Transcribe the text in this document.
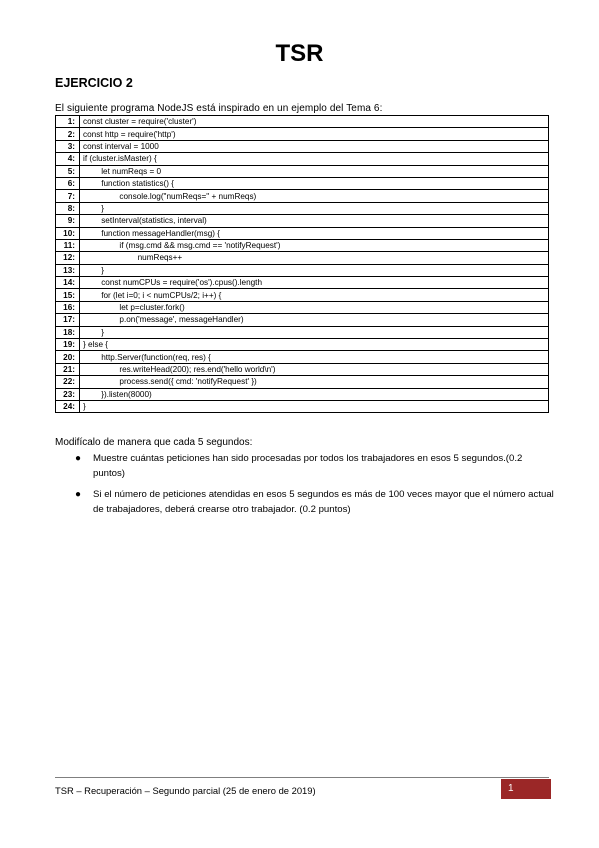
TSR
EJERCICIO 2
El siguiente programa NodeJS está inspirado en un ejemplo del Tema 6:
1:	const cluster = require('cluster')
2:	const http = require('http')
3:	const interval = 1000
4:	if (cluster.isMaster) {
5:			let numReqs = 0
6:			function statistics() {
7:					console.log("numReqs=" + numReqs)
8:			}
9:			setInterval(statistics, interval)
10:			function messageHandler(msg) {
11:					if (msg.cmd && msg.cmd == 'notifyRequest')
12:							numReqs++
13:			}
14:			const numCPUs = require('os').cpus().length
15:			for (let i=0; i < numCPUs/2; i++) {
16:					let p=cluster.fork()
17:					p.on('message', messageHandler)
18:			}
19:	} else {
20:			http.Server(function(req, res) {
21:					res.writeHead(200); res.end('hello world\n')
22:					process.send({ cmd: 'notifyRequest' })
23:			}).listen(8000)
24:	}
Modifícalo de manera que cada 5 segundos:
● Muestre cuántas peticiones han sido procesadas por todos los trabajadores en esos 5 segundos.(0.2 puntos)
● Si el número de peticiones atendidas en esos 5 segundos es más de 100 veces mayor que el número actual de trabajadores, deberá crearse otro trabajador. (0.2 puntos)
TSR – Recuperación – Segundo parcial (25 de enero de 2019)	1
